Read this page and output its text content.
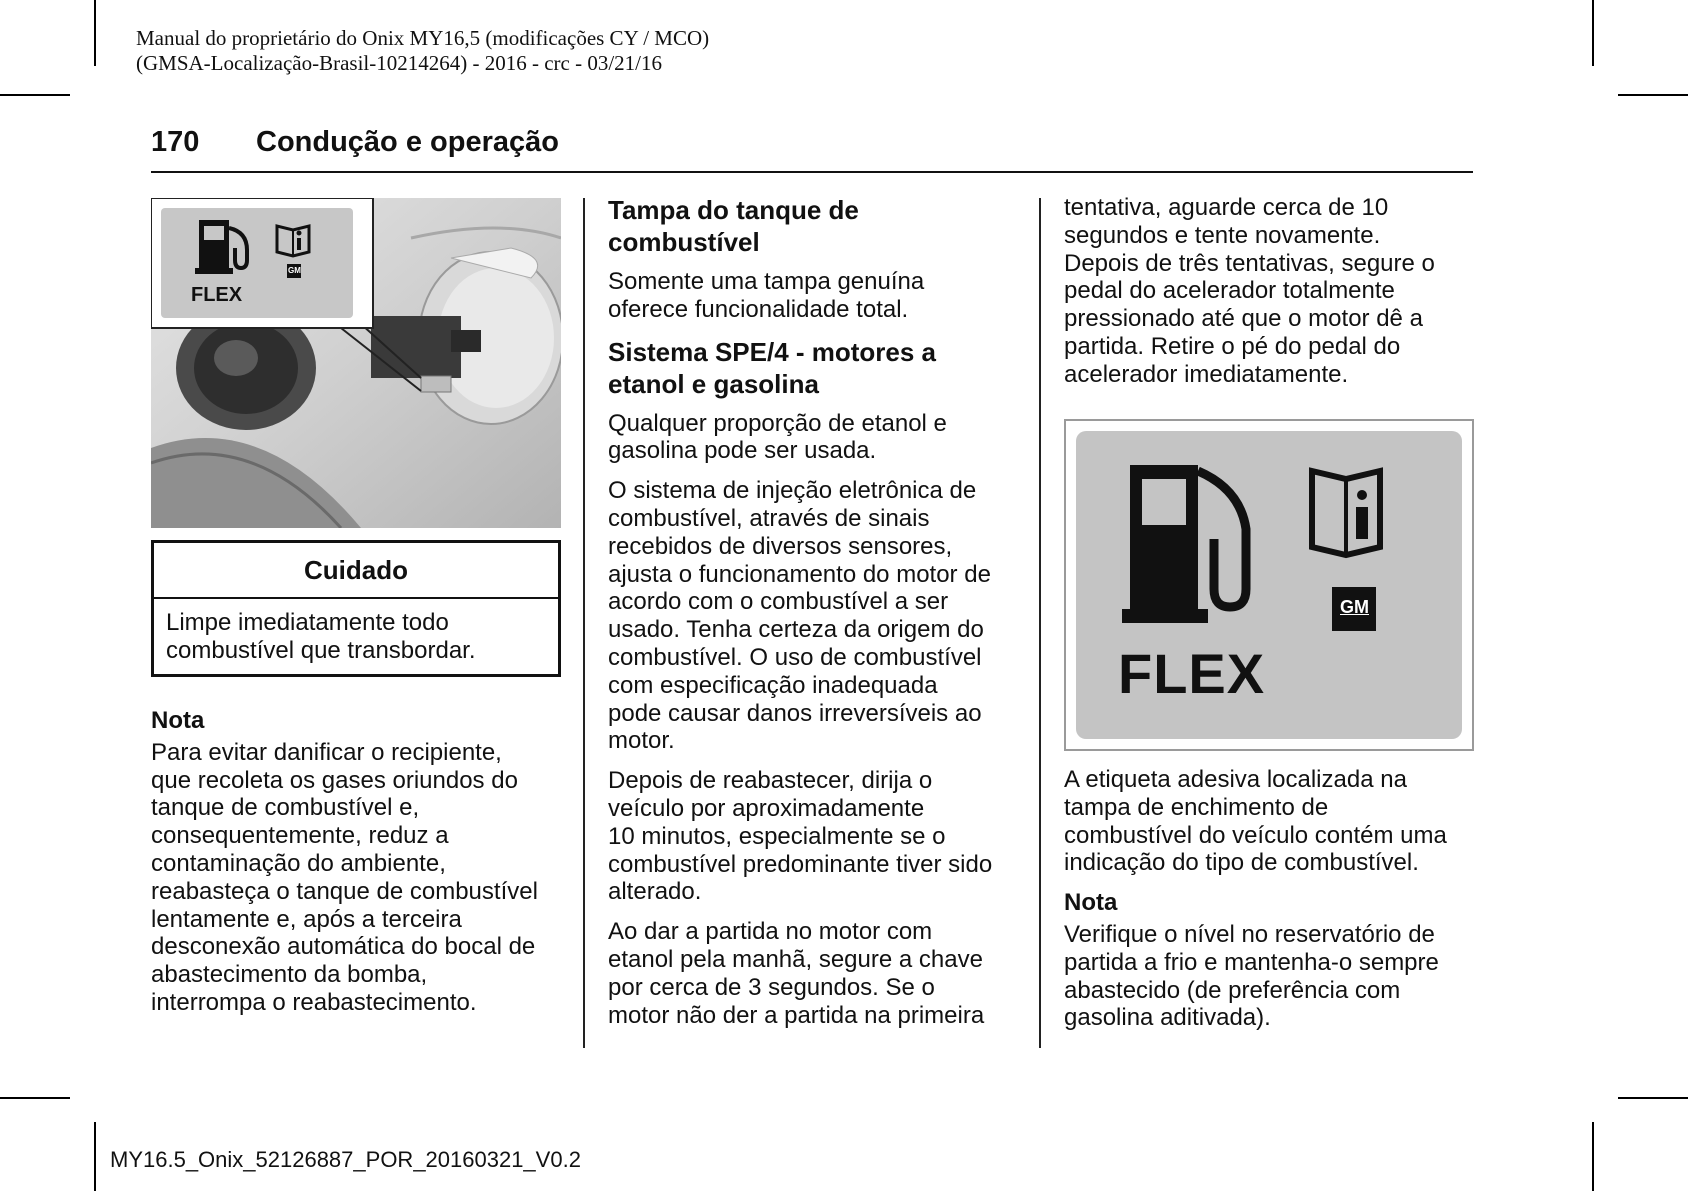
Manual do proprietário do Onix MY16,5 (modificações CY / MCO)
(GMSA-Localização-Brasil-10214264) - 2016 - crc - 03/21/16
170 Condução e operação
FLEX
GM
Cuidado
Limpe imediatamente todo
combustível que transbordar.

Nota

Para evitar danificar o recipiente,
que recoleta os gases oriundos do
tanque de combustível e,
consequentemente, reduz a
contaminação do ambiente,
reabasteça o tanque de combustível
lentamente e, após a terceira
desconexão automática do bocal de
abastecimento da bomba,
interrompa o reabastecimento.

Tampa do tanque de
combustível

Somente uma tampa genuína
oferece funcionalidade total.

Sistema SPE/4 - motores a
etanol e gasolina

Qualquer proporção de etanol e
gasolina pode ser usada.

O sistema de injeção eletrônica de
combustível, através de sinais
recebidos de diversos sensores,
ajusta o funcionamento do motor de
acordo com o combustível a ser
usado. Tenha certeza da origem do
combustível. O uso de combustível
com especificação inadequada
pode causar danos irreversíveis ao
motor.

Depois de reabastecer, dirija o
veículo por aproximadamente
10 minutos, especialmente se o
combustível predominante tiver sido
alterado.

Ao dar a partida no motor com
etanol pela manhã, segure a chave
por cerca de 3 segundos. Se o
motor não der a partida na primeira

tentativa, aguarde cerca de 10
segundos e tente novamente.
Depois de três tentativas, segure o
pedal do acelerador totalmente
pressionado até que o motor dê a
partida. Retire o pé do pedal do
acelerador imediatamente.

GM
FLEX

A etiqueta adesiva localizada na
tampa de enchimento de
combustível do veículo contém uma
indicação do tipo de combustível.

Nota

Verifique o nível no reservatório de
partida a frio e mantenha-o sempre
abastecido (de preferência com
gasolina aditivada).

MY16.5_Onix_52126887_POR_20160321_V0.2
